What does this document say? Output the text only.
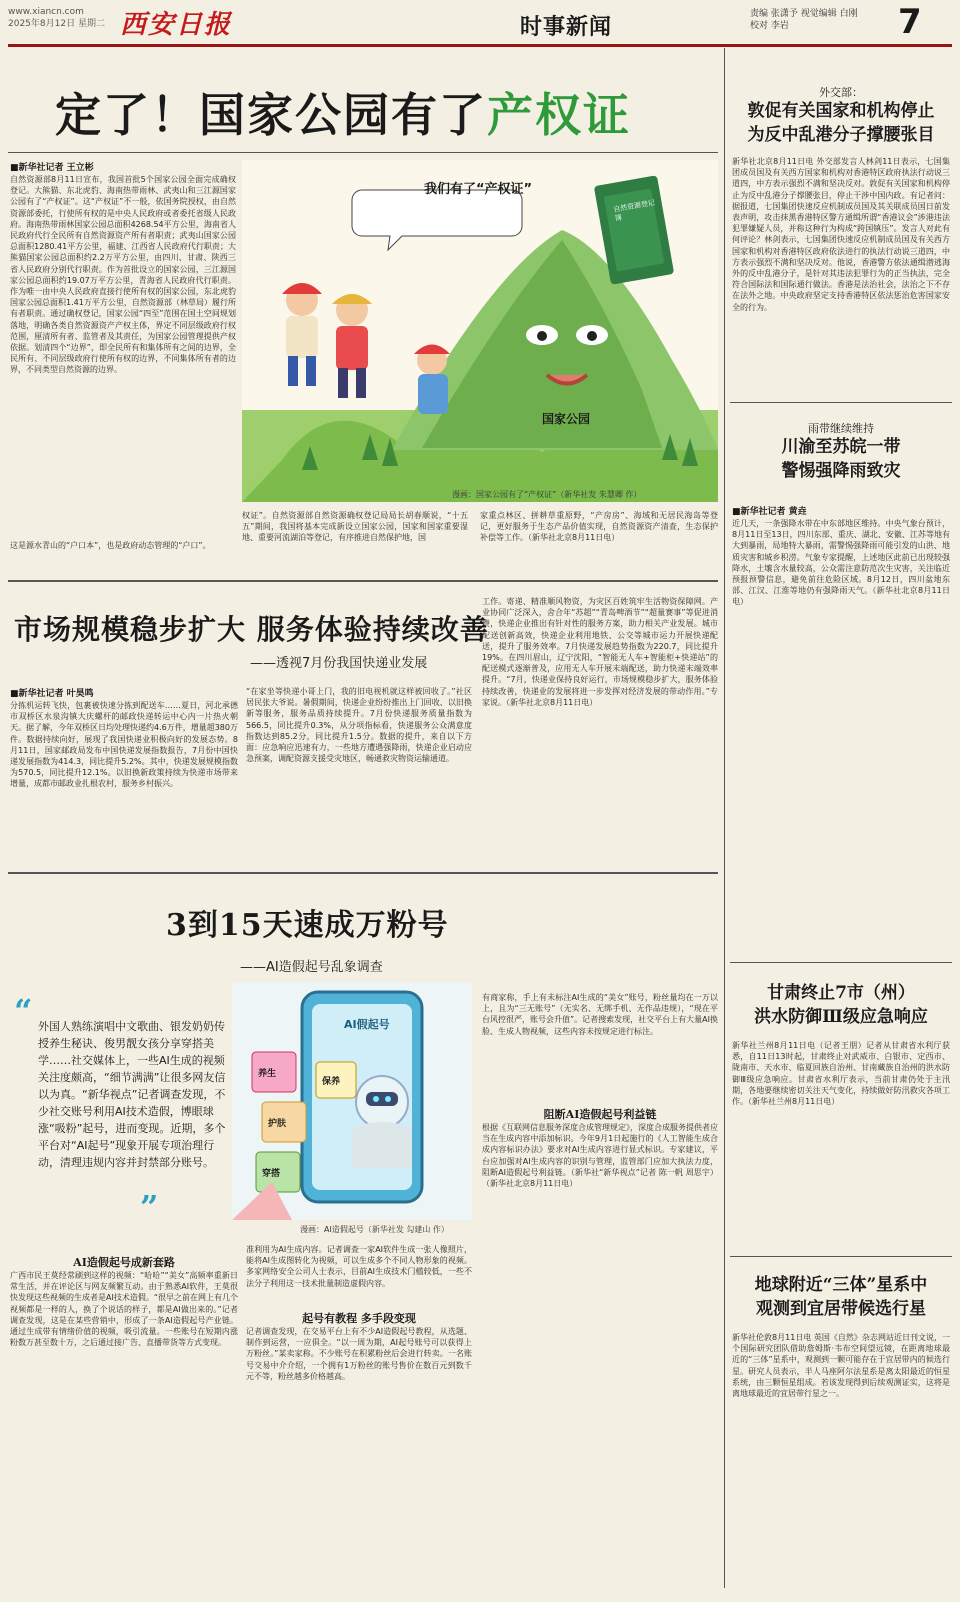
www.xiancn.com
2025年8月12日 星期二 西安日报	时事新闻
责编 张潇予 视觉编辑 白刚
校对 李岩	7
定了！国家公园有了产权证
■新华社记者 王立彬
自然资源部8月11日宣布，我国首批5个国家公园全面完成确权登记。大熊猫、东北虎豹、海南热带雨林、武夷山和三江源国家公园有了“产权证”。这“产权证”不一般，依国务院授权，由自然资源部委托，行使所有权的是中央人民政府或者委托省级人民政府。海南热带雨林国家公园总面积4268.54平方公里，海南省人民政府代行全民所有自然资源资产所有者职责；武夷山国家公园总面积1280.41平方公里，福建、江西省人民政府代行职责；大熊猫国家公园总面积约2.2万平方公里，由四川、甘肃、陕西三省人民政府分别代行职责。作为首批设立的国家公园，三江源国家公园总面积约19.07万平方公里，青海省人民政府代行职责。作为唯一由中央人民政府直接行使所有权的国家公园，东北虎豹国家公园总面积1.41万平方公里，自然资源部（林草局）履行所有者职责。通过确权登记，国家公园“四至”范围在国土空间规划落地，明确各类自然资源资产产权主体，界定不同层级政府行权范围，厘清所有者、监管者及其责任，为国家公园管理提供产权依据。划清四个“边界”，即全民所有和集体所有之间的边界，全民所有、不同层级政府行使所有权的边界，不同集体所有者的边界，不同类型自然资源的边界。
这是源水青山的“户口本”，也是政府动态管理的“户口”。
我们有了“产权证”
国家公园
自然资源登记簿
漫画：国家公园有了“产权证”（新华社发 朱慧卿 作）
权证”。自然资源部自然资源确权登记局局长胡春顺说，“十五五”期间，我国将基本完成新设立国家公园，国家和国家重要湿地、重要河流湖泊等登记，有序推进自然保护地，国
家重点林区、拼耕草重原野，“产房房”、海域和无居民海岛等登记，更好服务于生态产品价值实现，自然资源资产清查，生态保护补偿等工作。（新华社北京8月11日电）
外交部：
敦促有关国家和机构停止
为反中乱港分子撑腰张目
新华社北京8月11日电 外交部发言人林剑11日表示，七国集团成员国及有关西方国家和机构对香港特区政府执法行动说三道四，中方表示强烈不满和坚决反对。敦促有关国家和机构停止为反中乱港分子撑腰张目，停止干涉中国内政。有记者问：据报道，七国集团快速反应机制成员国及其关联成员国日前发表声明，攻击抹黑香港特区警方通缉所谓“香港议会”涉港违法犯罪嫌疑人员，并称这种行为构成“跨国镇压”。发言人对此有何评论？林剑表示，七国集团快速反应机制成员国及有关西方国家和机构对香港特区政府依法进行的执法行动说三道四，中方表示强烈不满和坚决反对。他说，香港警方依法通缉潜逃海外的反中乱港分子，是针对其违法犯罪行为的正当执法，完全符合国际法和国际通行做法。香港是法治社会，法治之下不存在法外之地。中央政府坚定支持香港特区依法惩治危害国家安全的行为。
雨带继续维持
川渝至苏皖一带
警惕强降雨致灾
■新华社记者 黄垚
近几天，一条强降水带在中东部地区维持。中央气象台预计，8月11日至13日，四川东部、重庆、湖北、安徽、江苏等地有大到暴雨，局地特大暴雨，需警惕强降雨可能引发的山洪、地质灾害和城乡积涝。气象专家提醒，上述地区此前已出现较强降水，土壤含水量较高，公众需注意防范次生灾害，关注临近预报预警信息，避免前往危险区域。8月12日，四川盆地东部、江汉、江淮等地仍有强降雨天气。（新华社北京8月11日电）
甘肃终止7市（州）
洪水防御Ⅲ级应急响应
新华社兰州8月11日电（记者王朋）记者从甘肃省水利厅获悉，自11日13时起，甘肃终止对武威市、白银市、定西市、陇南市、天水市、临夏回族自治州、甘南藏族自治州的洪水防御Ⅲ级应急响应。甘肃省水利厅表示，当前甘肃仍处于主汛期，各地要继续密切关注天气变化，持续做好防汛救灾各项工作。（新华社兰州8月11日电）
地球附近“三体”星系中
观测到宜居带候选行星
新华社伦敦8月11日电 英国《自然》杂志网站近日刊文说，一个国际研究团队借助詹姆斯·韦布空间望远镜，在距离地球最近的“三体”星系中，观测到一颗可能存在于宜居带内的候选行星。研究人员表示，半人马座阿尔法星系是离太阳最近的恒星系统，由三颗恒星组成。若该发现得到后续观测证实，这将是离地球最近的宜居带行星之一。
市场规模稳步扩大 服务体验持续改善
——透视7月份我国快递业发展
■新华社记者 叶昊鸣
分拣机运转飞快，包裹被快速分拣到配送车……夏日，河北承德市双桥区水泉沟镇大庆螺杆的邮政快递转运中心内一片热火朝天。据了解，今年双桥区日均处理快递约4.6万件，增量超380万件。数据持续向好，展现了我国快递业积极向好的发展态势。8月11日，国家邮政局发布中国快递发展指数报告，7月份中国快递发展指数为414.3，同比提升5.2%。其中，快递发展规模指数为570.5，同比提升12.1%。以旧换新政策持续为快递市场带来增量，成都市邮政业扎根农村，服务乡村振兴。
“在家坐等快递小哥上门，我的旧电视机就这样被回收了。”社区居民张大爷说。暑假期间，快递企业纷纷推出上门回收、以旧换新等服务，服务品质持续提升。7月份快递服务质量指数为566.5，同比提升0.3%，从分项指标看，快递服务公众满意度指数达到85.2分，同比提升1.5分。数据的提升，来自以下方面：应急响应迅速有力，一些地方遭遇强降雨，快递企业启动应急预案，调配资源支援受灾地区，畅通救灾物资运输通道。
工作。寄递、精准顺风物资，为灾区百姓筑牢生活物资保障网。产业协同广泛深入，舍合年“苏超”“青岛啤酒节”“超量赛事”等促进消费，快递企业推出有针对性的服务方案，助力相关产业发展。城市配送创新高效，快递企业利用地铁、公交等城市运力开展快递配送，提升了服务效率。7月快递发展趋势指数为220.7，同比提升19%。在四川眉山，辽宁沈阳，“智能无人车+智能柜+快递站”的配送模式逐渐普及，应用无人车开展末端配送，助力快递末端效率提升。“7月，快递业保持良好运行，市场规模稳步扩大，服务体验持续改善，快递业的发展将进一步发挥对经济发展的带动作用。”专家说。（新华社北京8月11日电）
3到15天速成万粉号
——AI造假起号乱象调查
“ 外国人熟练演唱中文歌曲、银发奶奶传授养生秘诀、俊男靓女孩分享穿搭美学……社交媒体上，一些AI生成的视频关注度颇高，“细节满满”让很多网友信以为真。“新华视点”记者调查发现，不少社交账号利用AI技术造假，博眼球涨“吸粉”起号，进而变现。近期，多个平台对“AI起号”现象开展专项治理行动，清理违规内容并封禁部分账号。
”
AI假起号
养生
保养
护肤
穿搭
漫画：AI造假起号（新华社发 勾建山 作）
AI造假起号成新套路
广西市民王莫经常刷到这样的视频：“哈哈”“美女”高频率重新日常生活，并在评论区与网友频繁互动。由于熟悉AI软件，王莫很快发现这些视频的生成者是AI技术造假。“很早之前在网上有几个视频都是一样的人，换了个说话的样子，都是AI做出来的。”记者调查发现，这是在某些营销中，形成了一条AI造假起号产业链。通过生成带有情绪价值的视频，吸引流量。一些账号在短期内涨粉数万甚至数十万，之后通过接广告、直播带货等方式变现。
准利用为AI生成内容。记者调查一家AI软件生成一张人像照片，能将AI生成图转化为视频，可以生成多个不同人物形象的视频。多家网络安全公司人士表示，目前AI生成技术门槛较低，一些不法分子利用这一技术批量制造虚假内容。
起号有教程 多手段变现
记者调查发现，在交易平台上有不少AI造假起号教程，从选题、制作到运营，一应俱全。“以一周为期，AI起号账号可以获得上万粉丝。”某卖家称。不少账号在积累粉丝后会进行转卖。一名账号交易中介介绍，一个拥有1万粉丝的账号售价在数百元到数千元不等，粉丝越多价格越高。
有商家称，手上有未标注AI生成的“美女”账号，粉丝量均在一万以上，且为“三无账号”（无实名、无绑手机、无作品违规），“现在平台风控很严，账号会升值”。记者搜索发现，社交平台上有大量AI换脸、生成人物视频，这些内容未按规定进行标注。
阻断AI造假起号利益链
根据《互联网信息服务深度合成管理规定》，深度合成服务提供者应当在生成内容中添加标识。今年9月1日起施行的《人工智能生成合成内容标识办法》要求对AI生成内容进行显式标识。专家建议，平台应加强对AI生成内容的识别与管理，监管部门应加大执法力度，阻断AI造假起号利益链。（新华社“新华视点”记者 陈一帆 周思宇）（新华社北京8月11日电）
